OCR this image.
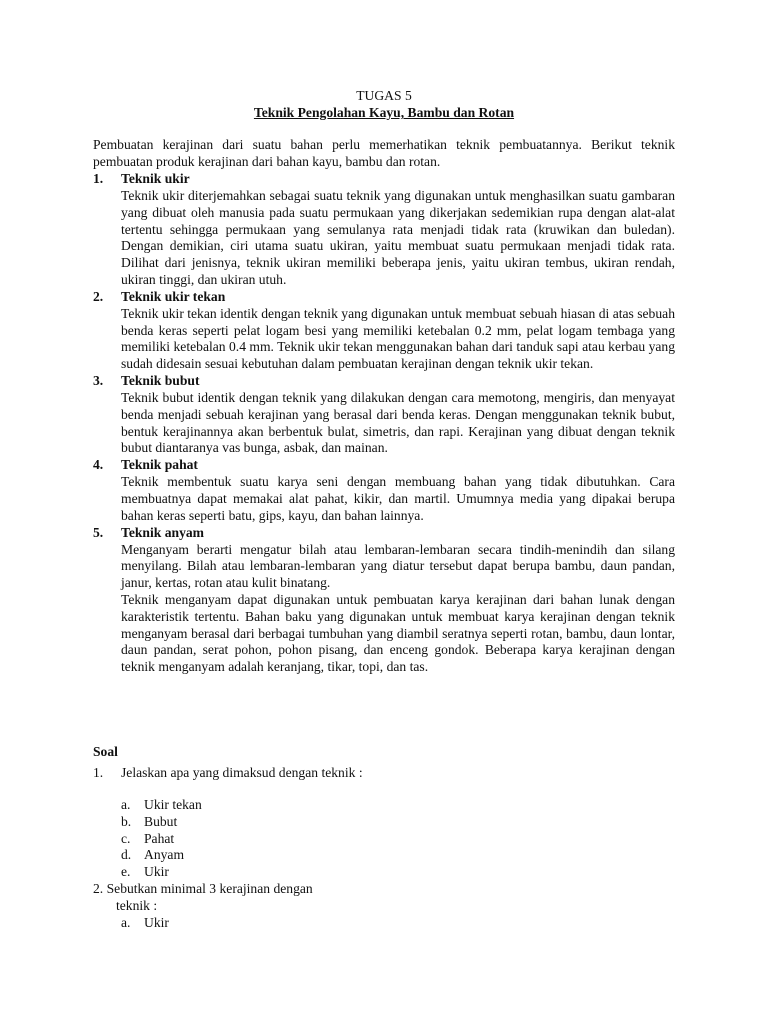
TUGAS 5
Teknik Pengolahan Kayu, Bambu dan Rotan
Pembuatan kerajinan dari suatu bahan perlu memerhatikan teknik pembuatannya. Berikut teknik pembuatan produk kerajinan dari bahan kayu, bambu dan rotan.
1. Teknik ukir
Teknik ukir diterjemahkan sebagai suatu teknik yang digunakan untuk menghasilkan suatu gambaran yang dibuat oleh manusia pada suatu permukaan yang dikerjakan sedemikian rupa dengan alat-alat tertentu sehingga permukaan yang semulanya rata menjadi tidak rata (kruwikan dan buledan). Dengan demikian, ciri utama suatu ukiran, yaitu membuat suatu permukaan menjadi tidak rata. Dilihat dari jenisnya, teknik ukiran memiliki beberapa jenis, yaitu ukiran tembus, ukiran rendah, ukiran tinggi, dan ukiran utuh.
2. Teknik ukir tekan
Teknik ukir tekan identik dengan teknik yang digunakan untuk membuat sebuah hiasan di atas sebuah benda keras seperti pelat logam besi yang memiliki ketebalan 0.2 mm, pelat logam tembaga yang memiliki ketebalan 0.4 mm. Teknik ukir tekan menggunakan bahan dari tanduk sapi atau kerbau yang sudah didesain sesuai kebutuhan dalam pembuatan kerajinan dengan teknik ukir tekan.
3. Teknik bubut
Teknik bubut identik dengan teknik yang dilakukan dengan cara memotong, mengiris, dan menyayat benda menjadi sebuah kerajinan yang berasal dari benda keras. Dengan menggunakan teknik bubut, bentuk kerajinannya akan berbentuk bulat, simetris, dan rapi. Kerajinan yang dibuat dengan teknik bubut diantaranya vas bunga, asbak, dan mainan.
4. Teknik pahat
Teknik membentuk suatu karya seni dengan membuang bahan yang tidak dibutuhkan. Cara membuatnya dapat memakai alat pahat, kikir, dan martil. Umumnya media yang dipakai berupa bahan keras seperti batu, gips, kayu, dan bahan lainnya.
5. Teknik anyam
Menganyam berarti mengatur bilah atau lembaran-lembaran secara tindih-menindih dan silang menyilang. Bilah atau lembaran-lembaran yang diatur tersebut dapat berupa bambu, daun pandan, janur, kertas, rotan atau kulit binatang.
Teknik menganyam dapat digunakan untuk pembuatan karya kerajinan dari bahan lunak dengan karakteristik tertentu. Bahan baku yang digunakan untuk membuat karya kerajinan dengan teknik menganyam berasal dari berbagai tumbuhan yang diambil seratnya seperti rotan, bambu, daun lontar, daun pandan, serat pohon, pohon pisang, dan enceng gondok. Beberapa karya kerajinan dengan teknik menganyam adalah keranjang, tikar, topi, dan tas.
Soal
1. Jelaskan apa yang dimaksud dengan teknik :
a. Ukir tekan
b. Bubut
c. Pahat
d. Anyam
e. Ukir
2. Sebutkan minimal 3 kerajinan dengan
teknik :
a. Ukir
